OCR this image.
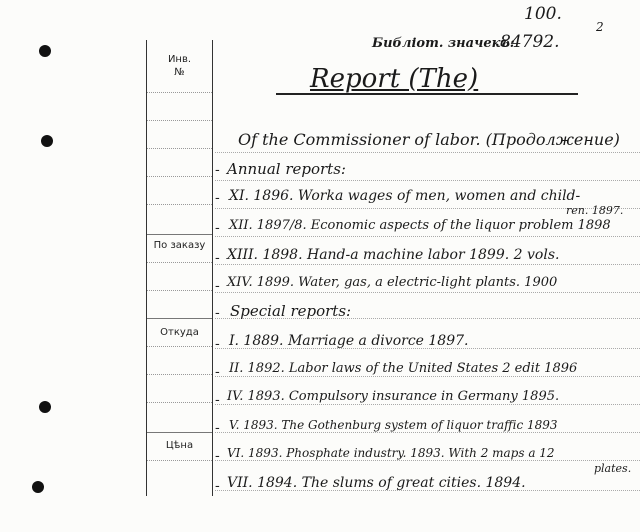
100.
2
Инв.
№
По заказу
Откуда
Цѣна
Библіот. значекъ:
84792.
Report (The)
Of the Commissioner of labor. (Продолжение)
- Annual reports:
- XI. 1896. Worka wages of men, women and child-
ren. 1897.
- XII. 1897/8. Economic aspects of the liquor problem 1898
- XIII. 1898. Hand-a machine labor 1899. 2 vols.
- XIV. 1899. Water, gas, a electric-light plants. 1900
- Special reports:
- I. 1889. Marriage a divorce 1897.
- II. 1892. Labor laws of the United States 2 edit 1896
- IV. 1893. Compulsory insurance in Germany 1895.
- V. 1893. The Gothenburg system of liquor traffic 1893
- VI. 1893. Phosphate industry. 1893. With 2 maps a 12
plates.
- VII. 1894. The slums of great cities. 1894.
